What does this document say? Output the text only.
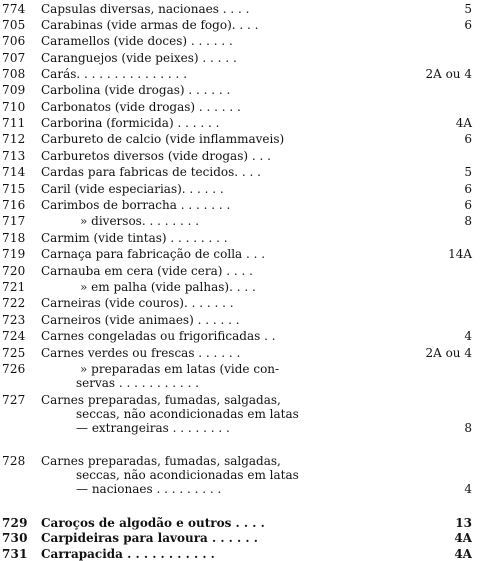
774	Capsulas diversas, nacionaes . . . .	5
705	Carabinas (vide armas de fogo). . . .	6
706	Caramellos (vide doces) . . . . . .
707	Caranguejos (vide peixes) . . . . .
708	Carás. . . . . . . . . . . . . . .	2A ou 4
709	Carbolina (vide drogas) . . . . . .
710	Carbonatos (vide drogas) . . . . . .
711	Carborina (formicida) . . . . . .	4A
712	Carbureto de calcio (vide inflammaveis)	6
713	Carburetos diversos (vide drogas) . . .
714	Cardas para fabricas de tecidos. . . .	5
715	Caril (vide especiarias). . . . . .	6
716	Carimbos de borracha . . . . . . .	6
717	» diversos. . . . . . . .	8
718	Carmim (vide tintas) . . . . . . . .
719	Carnaça para fabricação de colla . . .	14A
720	Carnauba em cera (vide cera) . . . .
721	» em palha (vide palhas). . . .
722	Carneiras (vide couros). . . . . . .
723	Carneiros (vide animaes) . . . . . .
724	Carnes congeladas ou frigorificadas . .	4
725	Carnes verdes ou frescas . . . . . .	2A ou 4
726	» preparadas em latas (vide con-
servas . . . . . . . . . . .
727	Carnes preparadas, fumadas, salgadas,
seccas, não acondicionadas em latas
— extrangeiras . . . . . . . .	8
728	Carnes preparadas, fumadas, salgadas,
seccas, não acondicionadas em latas
— nacionaes . . . . . . . . .	4
729	Caroços de algodão e outros . . . .	13
730	Carpideiras para lavoura . . . . . .	4A
731	Carrapacida . . . . . . . . . . .	4A
